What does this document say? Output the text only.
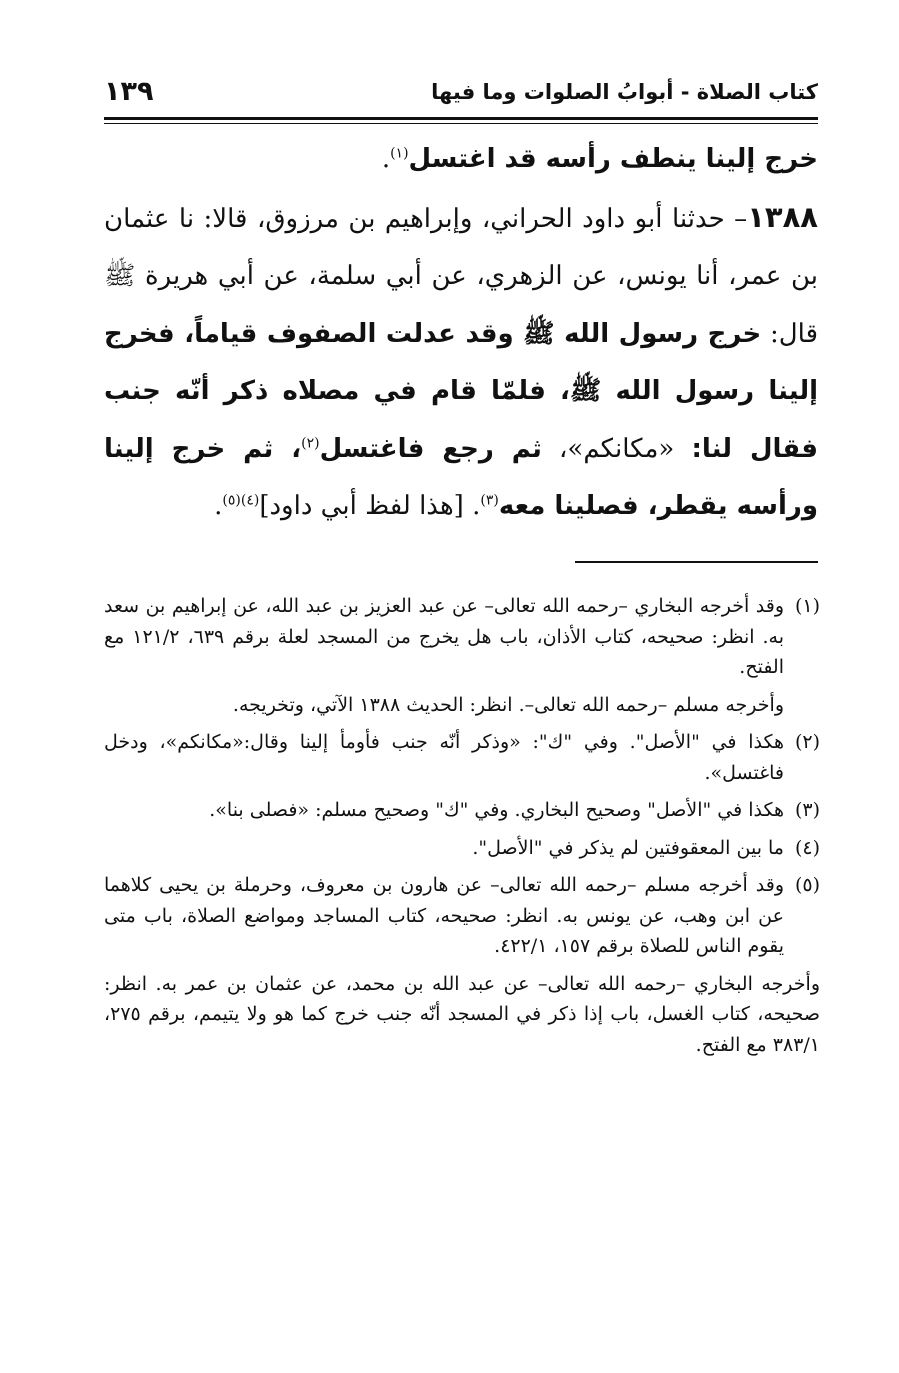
كتاب الصلاة - أبوابُ الصلوات وما فيها
١٣٩

خرج إلينا ينطف رأسه قد اغتسل$^{(١)}$.

١٣٨٨– حدثنا أبو داود الحراني، وإبراهيم بن مرزوق، قالا: نا عثمان بن عمر، أنا يونس، عن الزهري، عن أبي سلمة، عن أبي هريرة ﷺ قال: خرج رسول الله ﷺ وقد عدلت الصفوف قياماً، فخرج إلينا رسول الله ﷺ، فلمّا قام في مصلاه ذكر أنّه جنب فقال لنا: «مكانكم»، ثم رجع فاغتسل$^{(٢)}$، ثم خرج إلينا ورأسه يقطر، فصلينا معه$^{(٣)}$. [هذا لفظ أبي داود]$^{(٤)(٥)}$.

(١)

وقد أخرجه البخاري –رحمه الله تعالى– عن عبد العزيز بن عبد الله، عن إبراهيم بن سعد به. انظر: صحيحه، كتاب الأذان، باب هل يخرج من المسجد لعلة برقم ٦٣٩، ١٢١/٢ مع الفتح.

وأخرجه مسلم –رحمه الله تعالى–. انظر: الحديث ١٣٨٨ الآتي، وتخريجه.

(٢)

هكذا في "الأصل". وفي "ك": «وذكر أنّه جنب فأومأ إلينا وقال:«مكانكم»، ودخل فاغتسل».

(٣)

هكذا في "الأصل" وصحيح البخاري. وفي "ك" وصحيح مسلم: «فصلى بنا».

(٤)

ما بين المعقوفتين لم يذكر في "الأصل".

(٥)

وقد أخرجه مسلم –رحمه الله تعالى– عن هارون بن معروف، وحرملة بن يحيى كلاهما عن ابن وهب، عن يونس به. انظر: صحيحه، كتاب المساجد ومواضع الصلاة، باب متى يقوم الناس للصلاة برقم ١٥٧، ٤٢٢/١.

وأخرجه البخاري –رحمه الله تعالى– عن عبد الله بن محمد، عن عثمان بن عمر به. انظر: صحيحه، كتاب الغسل، باب إذا ذكر في المسجد أنّه جنب خرج كما هو ولا يتيمم، برقم ٢٧٥، ٣٨٣/١ مع الفتح.
